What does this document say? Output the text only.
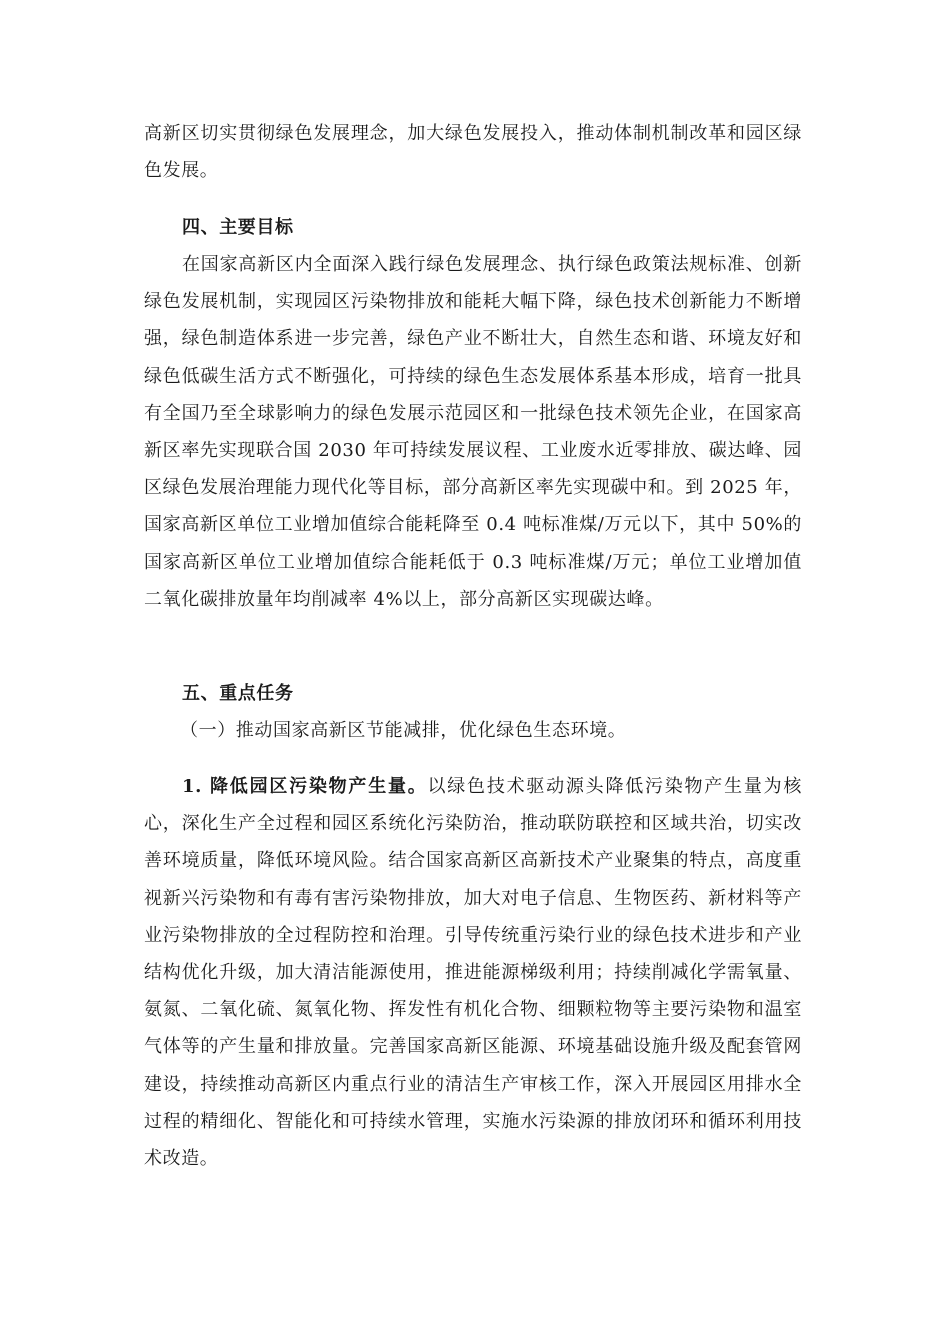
高新区切实贯彻绿色发展理念，加大绿色发展投入，推动体制机制改革和园区绿色发展。

四、主要目标

在国家高新区内全面深入践行绿色发展理念、执行绿色政策法规标准、创新绿色发展机制，实现园区污染物排放和能耗大幅下降，绿色技术创新能力不断增强，绿色制造体系进一步完善，绿色产业不断壮大，自然生态和谐、环境友好和绿色低碳生活方式不断强化，可持续的绿色生态发展体系基本形成，培育一批具有全国乃至全球影响力的绿色发展示范园区和一批绿色技术领先企业，在国家高新区率先实现联合国 2030 年可持续发展议程、工业废水近零排放、碳达峰、园区绿色发展治理能力现代化等目标，部分高新区率先实现碳中和。到 2025 年，国家高新区单位工业增加值综合能耗降至 0.4 吨标准煤/万元以下，其中 50%的国家高新区单位工业增加值综合能耗低于 0.3 吨标准煤/万元；单位工业增加值二氧化碳排放量年均削减率 4%以上，部分高新区实现碳达峰。

五、重点任务

（一）推动国家高新区节能减排，优化绿色生态环境。

1. 降低园区污染物产生量。以绿色技术驱动源头降低污染物产生量为核心，深化生产全过程和园区系统化污染防治，推动联防联控和区域共治，切实改善环境质量，降低环境风险。结合国家高新区高新技术产业聚集的特点，高度重视新兴污染物和有毒有害污染物排放，加大对电子信息、生物医药、新材料等产业污染物排放的全过程防控和治理。引导传统重污染行业的绿色技术进步和产业结构优化升级，加大清洁能源使用，推进能源梯级利用；持续削减化学需氧量、氨氮、二氧化硫、氮氧化物、挥发性有机化合物、细颗粒物等主要污染物和温室气体等的产生量和排放量。完善国家高新区能源、环境基础设施升级及配套管网建设，持续推动高新区内重点行业的清洁生产审核工作，深入开展园区用排水全过程的精细化、智能化和可持续水管理，实施水污染源的排放闭环和循环利用技术改造。
